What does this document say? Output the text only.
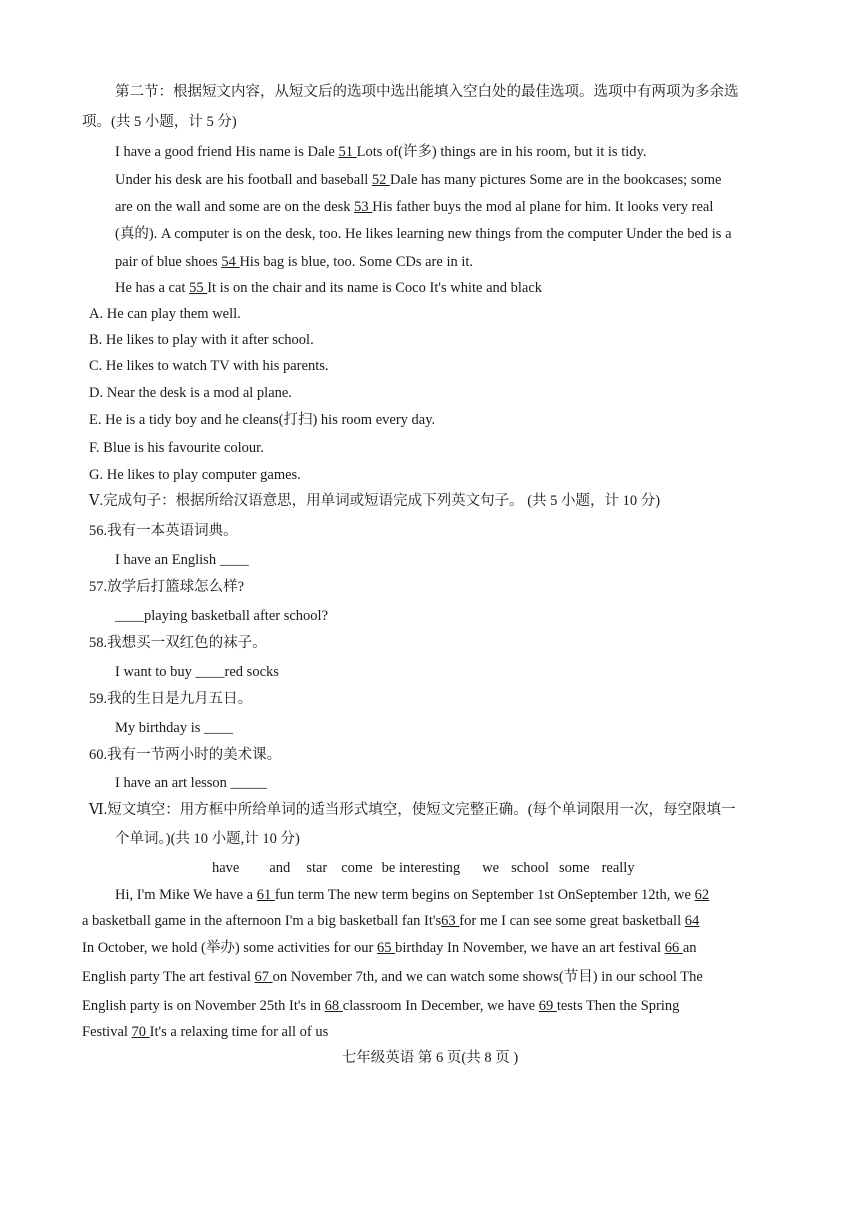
第二节：根据短文内容，从短文后的选项中选出能填入空白处的最佳选项。选项中有两项为多余选
项。(共 5 小题，计 5 分)
I have a good friend His name is Dale 51 Lots of(许多) things are in his room, but it is tidy.
Under his desk are his football and baseball 52 Dale has many pictures Some are in the bookcases; some
are on the wall and some are on the desk 53 His father buys the mod al plane for him. It looks very real
(真的). A computer is on the desk, too. He likes learning new things from the computer Under the bed is a
pair of blue shoes 54 His bag is blue, too. Some CDs are in it.
He has a cat 55 It is on the chair and its name is Coco It's white and black
A. He can play them well.
B. He likes to play with it after school.
C. He likes to watch TV with his parents.
D. Near the desk is a mod al plane.
E. He is a tidy boy and he cleans(打扫) his room every day.
F. Blue is his favourite colour.
G. He likes to play computer games.
Ⅴ.完成句子：根据所给汉语意思，用单词或短语完成下列英文句子。 (共 5 小题，计 10 分)
56.我有一本英语词典。
I have an English ____
57.放学后打篮球怎么样?
____playing basketball after school?
58.我想买一双红色的袜子。
I want to buy ____red socks
59.我的生日是九月五日。
My birthday is ____
60.我有一节两小时的美术课。
I have an art lesson _____
Ⅵ.短文填空：用方框中所给单词的适当形式填空，使短文完整正确。(每个单词限用一次，每空限填一
个单词。)(共 10 小题,计 10 分)
have and star come be interesting we school some really
Hi, I'm Mike We have a 61 fun term The new term begins on September 1st OnSeptember 12th, we 62
a basketball game in the afternoon I'm a big basketball fan It's63 for me I can see some great basketball 64
In October, we hold (举办) some activities for our 65 birthday In November, we have an art festival 66 an
English party The art festival 67 on November 7th, and we can watch some shows(节目) in our school The
English party is on November 25th It's in 68 classroom In December, we have 69 tests Then the Spring
Festival 70 It's a relaxing time for all of us
七年级英语 第 6 页(共 8 页 )
